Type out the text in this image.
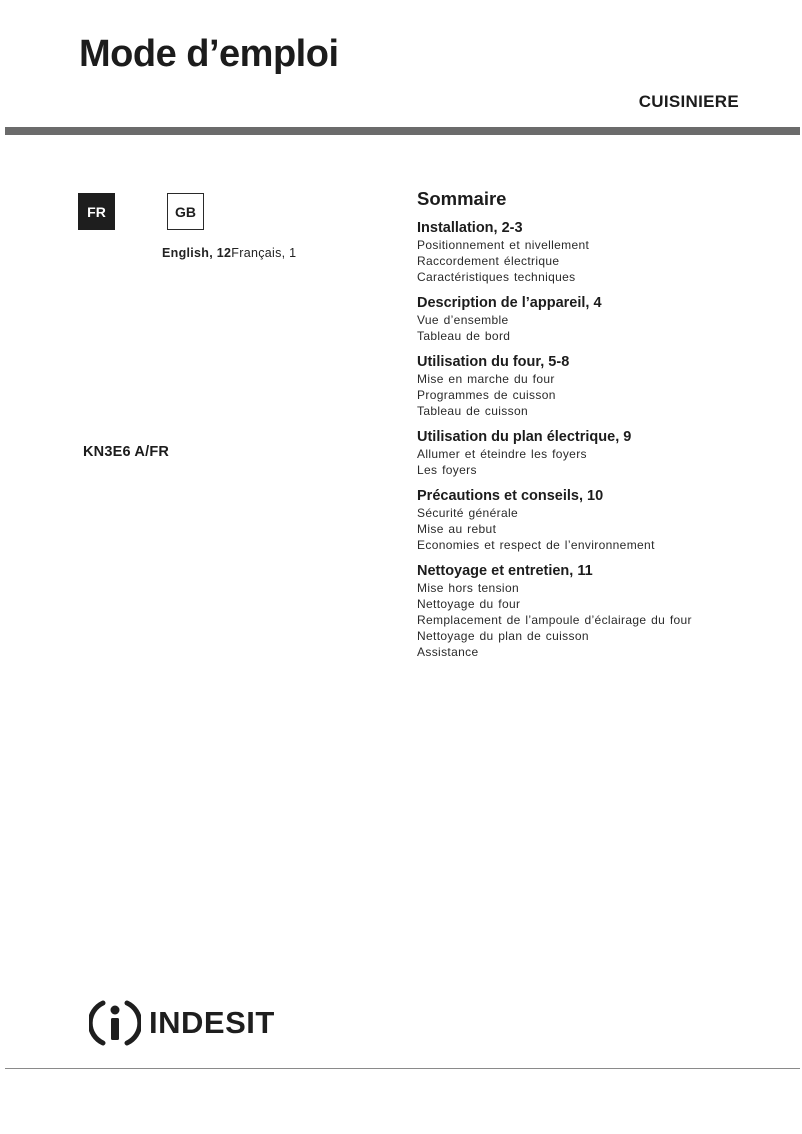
Mode d’emploi
CUISINIERE
FR	GB
English, 12Français, 1
KN3E6 A/FR
Sommaire
Installation, 2-3
Positionnement et nivellement
Raccordement électrique
Caractéristiques techniques
Description de l’appareil, 4
Vue d’ensemble
Tableau de bord
Utilisation du four, 5-8
Mise en marche du four
Programmes de cuisson
Tableau de cuisson
Utilisation du plan électrique, 9
Allumer et éteindre les foyers
Les foyers
Précautions et conseils, 10
Sécurité générale
Mise au rebut
Economies et respect de l’environnement
Nettoyage et entretien, 11
Mise hors tension
Nettoyage du four
Remplacement de l’ampoule d’éclairage du four
Nettoyage du plan de cuisson
Assistance
INDESIT
